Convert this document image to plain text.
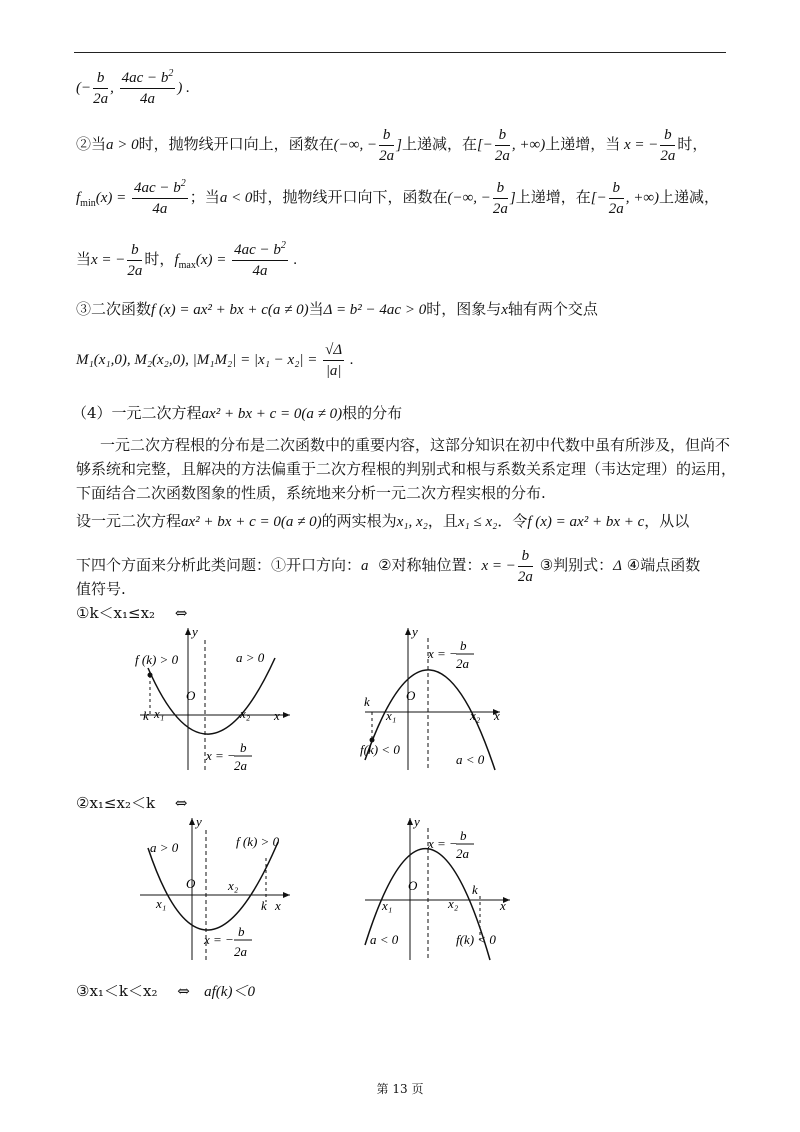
(− $\frac{b}{2a}$ , $\frac{4ac - b^2}{4a}$ ) .
②当a > 0时，抛物线开口向上，函数在(−∞, − $\frac{b}{2a}$ ]上递减，在[− $\frac{b}{2a}$ , +∞)上递增，当 x = − $\frac{b}{2a}$ 时，
$f_{min}(x) = \frac{4ac - b^2}{4a}$ ；当a < 0时，抛物线开口向下，函数在(−∞, − $\frac{b}{2a}$ ]上递增，在[− $\frac{b}{2a}$ , +∞)上递减，
当x = − $\frac{b}{2a}$ 时，$f_{max}(x) = \frac{4ac - b^2}{4a}$ .
③二次函数f (x) = ax² + bx + c(a ≠ 0)当Δ = b² − 4ac > 0时，图象与x轴有两个交点
M₁(x₁,0), M₂(x₂,0), $|M_1M_2| = |x_1 - x_2| = \frac{√\Delta}{|a|}$ .
（4）一元二次方程ax² + bx + c = 0(a ≠ 0)根的分布
一元二次方程根的分布是二次函数中的重要内容，这部分知识在初中代数中虽有所涉及，但尚不
够系统和完整，且解决的方法偏重于二次方程根的判别式和根与系数关系定理（韦达定理）的运用，
下面结合二次函数图象的性质，系统地来分析一元二次方程实根的分布.
设一元二次方程ax² + bx + c = 0(a ≠ 0)的两实根为x₁, x₂，且x₁ ≤ x₂．令f (x) = ax² + bx + c，从以
下四个方面来分析此类问题：①开口方向：a ②对称轴位置：x = − $\frac{b}{2a}$ ③判别式：Δ ④端点函数
值符号.
①k＜x₁≤x₂　 ⇔
y
f (k) > 0	a > 0
O
k x₁	x₂ x
x = −
b
2a
y
x = −
b
2a
O
k
x₁	x₂ x
f(k) < 0
a < 0
②x₁≤x₂＜k　 ⇔
y
a > 0	f (k) > 0
O	x₂
x₁	k x
x = −
b
2a
y
x = −
b
2a
O	k
x₁	x₂	x
a < 0	f(k) < 0
③x₁＜k＜x₂　 ⇔ af(k)＜0
第 13 页
